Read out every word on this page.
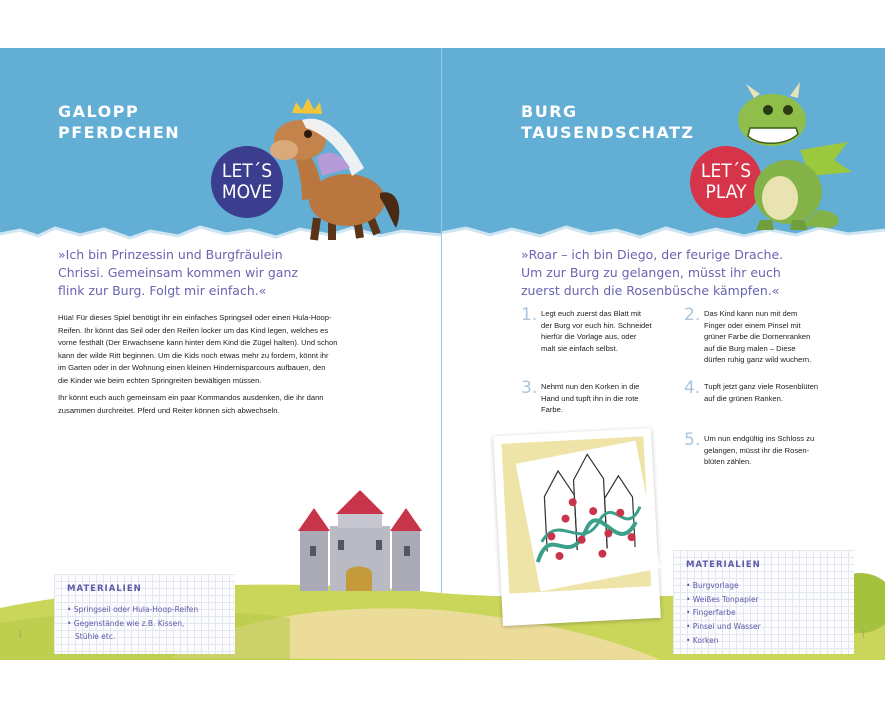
GALOPP
PFERDCHEN
LET´S
MOVE

»Ich bin Prinzessin und Burgfräulein
Chrissi. Gemeinsam kommen wir ganz
flink zur Burg. Folgt mir einfach.«

Hüa! Für dieses Spiel benötigt ihr ein einfaches Springseil oder einen Hula-Hoop-
Reifen. Ihr könnt das Seil oder den Reifen locker um das Kind legen, welches es
vorne festhält (Der Erwachsene kann hinter dem Kind die Zügel halten). Und schon
kann der wilde Ritt beginnen. Um die Kids noch etwas mehr zu fordern, könnt ihr
im Garten oder in der Wohnung einen kleinen Hindernisparcours aufbauen, den
die Kinder wie beim echten Springreiten bewältigen müssen.
Ihr könnt euch auch gemeinsam ein paar Kommandos ausdenken, die ihr dann
zusammen durchreitet. Pferd und Reiter können sich abwechseln.

MATERIALIEN

• Springseil oder Hula-Hoop-Reifen
• Gegenstände wie z.B. Kissen,
Stühle etc.
|
BURG
TAUSENDSCHATZ
LET´S
PLAY

»Roar – ich bin Diego, der feurige Drache.
Um zur Burg zu gelangen, müsst ihr euch
zuerst durch die Rosenbüsche kämpfen.«

1. Legt euch zuerst das Blatt mit
der Burg vor euch hin. Schneidet
hierfür die Vorlage aus, oder
malt sie einfach selbst.
2. Das Kind kann nun mit dem
Finger oder einem Pinsel mit
grüner Farbe die Dornenranken
auf die Burg malen – Diese
dürfen ruhig ganz wild wuchern.
3. Nehmt nun den Korken in die
Hand und tupft ihn in die rote
Farbe.
4. Tupft jetzt ganz viele Rosenblüten
auf die grünen Ranken.
5. Um nun endgültig ins Schloss zu
gelangen, müsst ihr die Rosen-
blüten zählen.

MATERIALIEN

• Burgvorlage
• Weißes Tonpapier
• Fingerfarbe
• Pinsel und Wasser
• Korken
|
